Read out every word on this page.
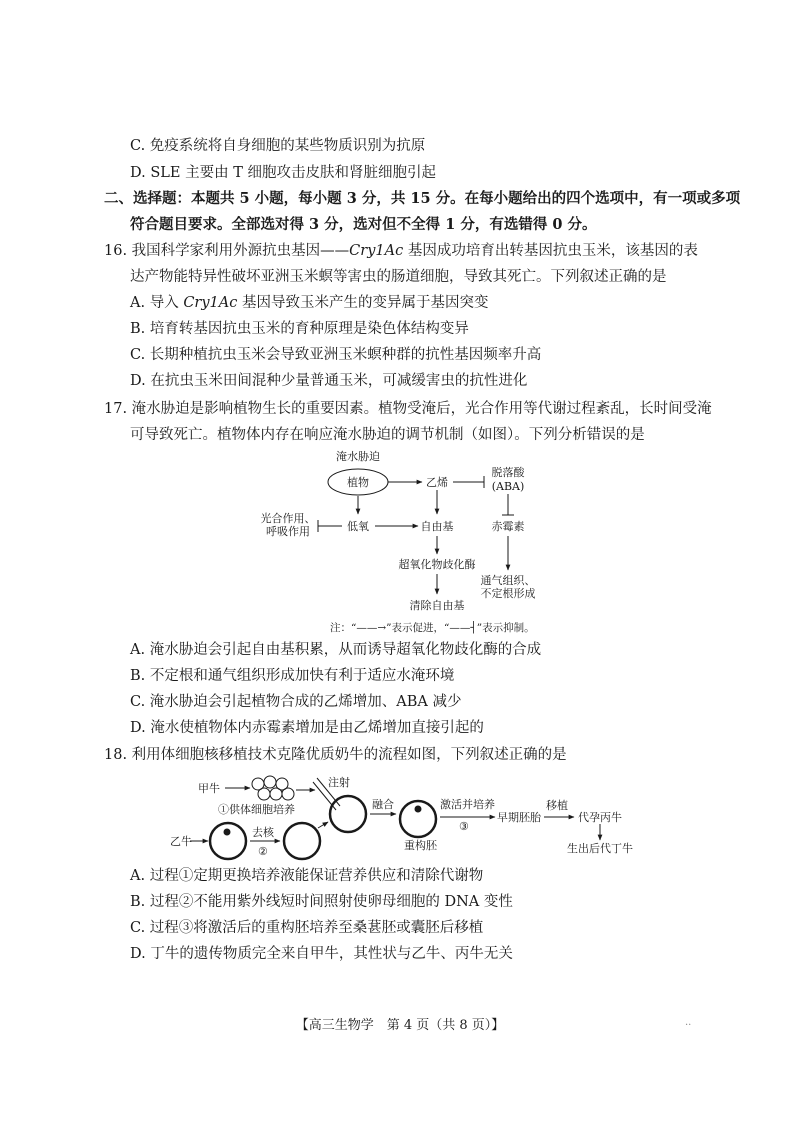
C. 免疫系统将自身细胞的某些物质识别为抗原
D. SLE 主要由 T 细胞攻击皮肤和肾脏细胞引起
二、选择题：本题共 5 小题，每小题 3 分，共 15 分。在每小题给出的四个选项中，有一项或多项
符合题目要求。全部选对得 3 分，选对但不全得 1 分，有选错得 0 分。
16. 我国科学家利用外源抗虫基因——Cry1Ac 基因成功培育出转基因抗虫玉米，该基因的表
达产物能特异性破坏亚洲玉米螟等害虫的肠道细胞，导致其死亡。下列叙述正确的是
A. 导入 Cry1Ac 基因导致玉米产生的变异属于基因突变
B. 培育转基因抗虫玉米的育种原理是染色体结构变异
C. 长期种植抗虫玉米会导致亚洲玉米螟种群的抗性基因频率升高
D. 在抗虫玉米田间混种少量普通玉米，可减缓害虫的抗性进化
17. 淹水胁迫是影响植物生长的重要因素。植物受淹后，光合作用等代谢过程紊乱，长时间受淹
可导致死亡。植物体内存在响应淹水胁迫的调节机制（如图）。下列分析错误的是
淹水胁迫
植物	乙烯
脱落酸
(ABA)
光合作用、
呼吸作用	低氧	自由基	赤霉素
超氧化物歧化酶
清除自由基
通气组织、
不定根形成
注：“——→”表示促进，“——┤”表示抑制。
A. 淹水胁迫会引起自由基积累，从而诱导超氧化物歧化酶的合成
B. 不定根和通气组织形成加快有利于适应水淹环境
C. 淹水胁迫会引起植物合成的乙烯增加、ABA 减少
D. 淹水使植物体内赤霉素增加是由乙烯增加直接引起的
18. 利用体细胞核移植技术克隆优质奶牛的流程如图，下列叙述正确的是
甲牛
①供体细胞培养
注射
乙牛
去核
②
融合	激活并培养
③
重构胚
早期胚胎
移植
代孕丙牛
生出后代丁牛
A. 过程①定期更换培养液能保证营养供应和清除代谢物
B. 过程②不能用紫外线短时间照射使卵母细胞的 DNA 变性
C. 过程③将激活后的重构胚培养至桑葚胚或囊胚后移植
D. 丁牛的遗传物质完全来自甲牛，其性状与乙牛、丙牛无关
【高三生物学　第 4 页（共 8 页）】	..
